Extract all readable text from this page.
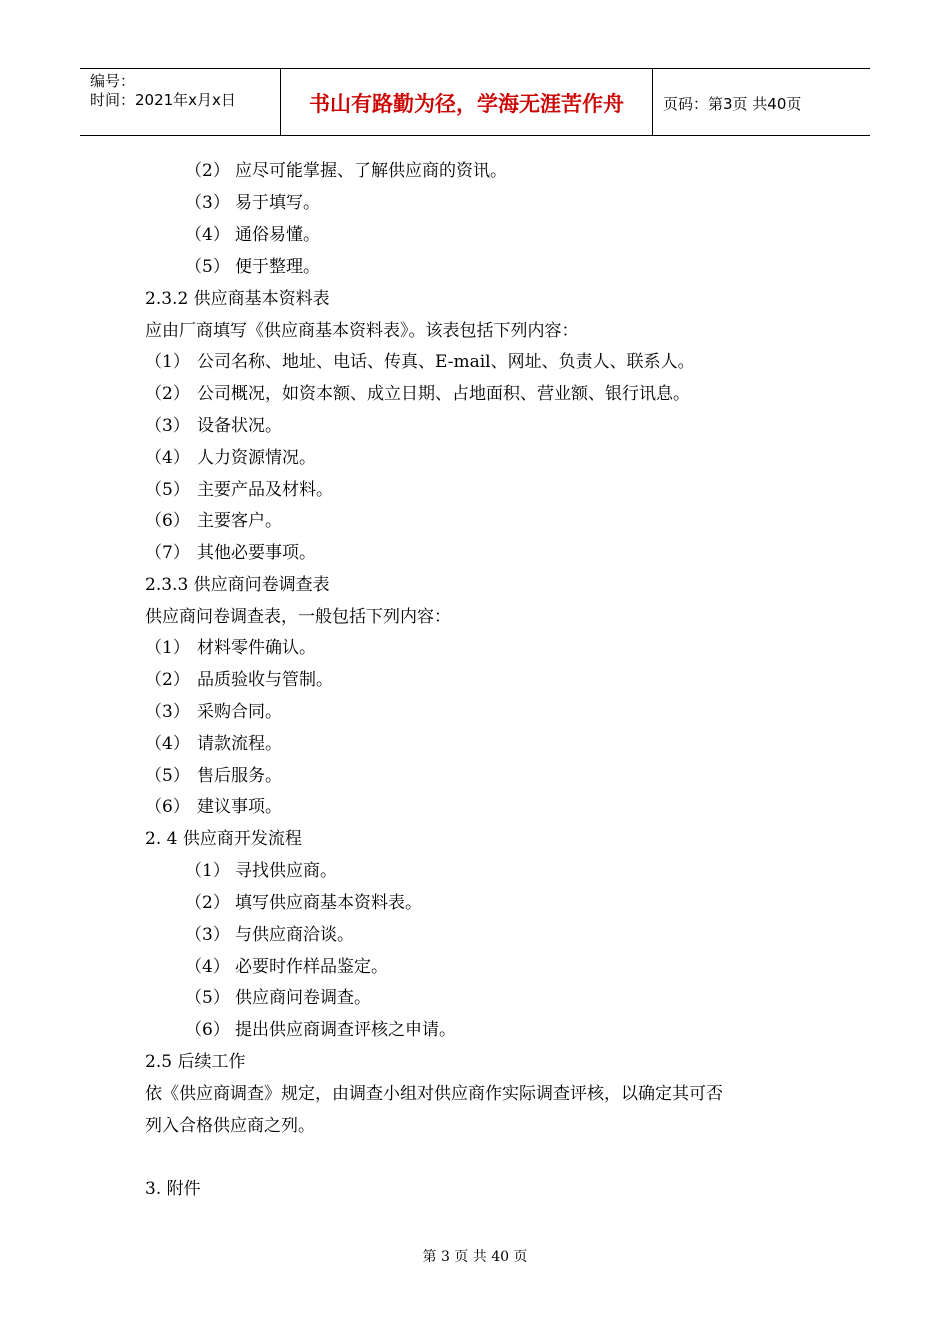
编号：
时间：2021年x月x日	书山有路勤为径，学海无涯苦作舟	页码：第3页 共40页
（2） 应尽可能掌握、了解供应商的资讯。
（3） 易于填写。
（4） 通俗易懂。
（5） 便于整理。
2.3.2 供应商基本资料表
应由厂商填写《供应商基本资料表》。该表包括下列内容：
（1） 公司名称、地址、电话、传真、E-mail、网址、负责人、联系人。
（2） 公司概况，如资本额、成立日期、占地面积、营业额、银行讯息。
（3） 设备状况。
（4） 人力资源情况。
（5） 主要产品及材料。
（6） 主要客户。
（7） 其他必要事项。
2.3.3 供应商问卷调查表
供应商问卷调查表，一般包括下列内容：
（1） 材料零件确认。
（2） 品质验收与管制。
（3） 采购合同。
（4） 请款流程。
（5） 售后服务。
（6） 建议事项。
2. 4 供应商开发流程
（1） 寻找供应商。
（2） 填写供应商基本资料表。
（3） 与供应商洽谈。
（4） 必要时作样品鉴定。
（5） 供应商问卷调查。
（6） 提出供应商调查评核之申请。
2.5 后续工作
依《供应商调查》规定，由调查小组对供应商作实际调查评核，以确定其可否
列入合格供应商之列。
3. 附件
第 3 页 共 40 页
